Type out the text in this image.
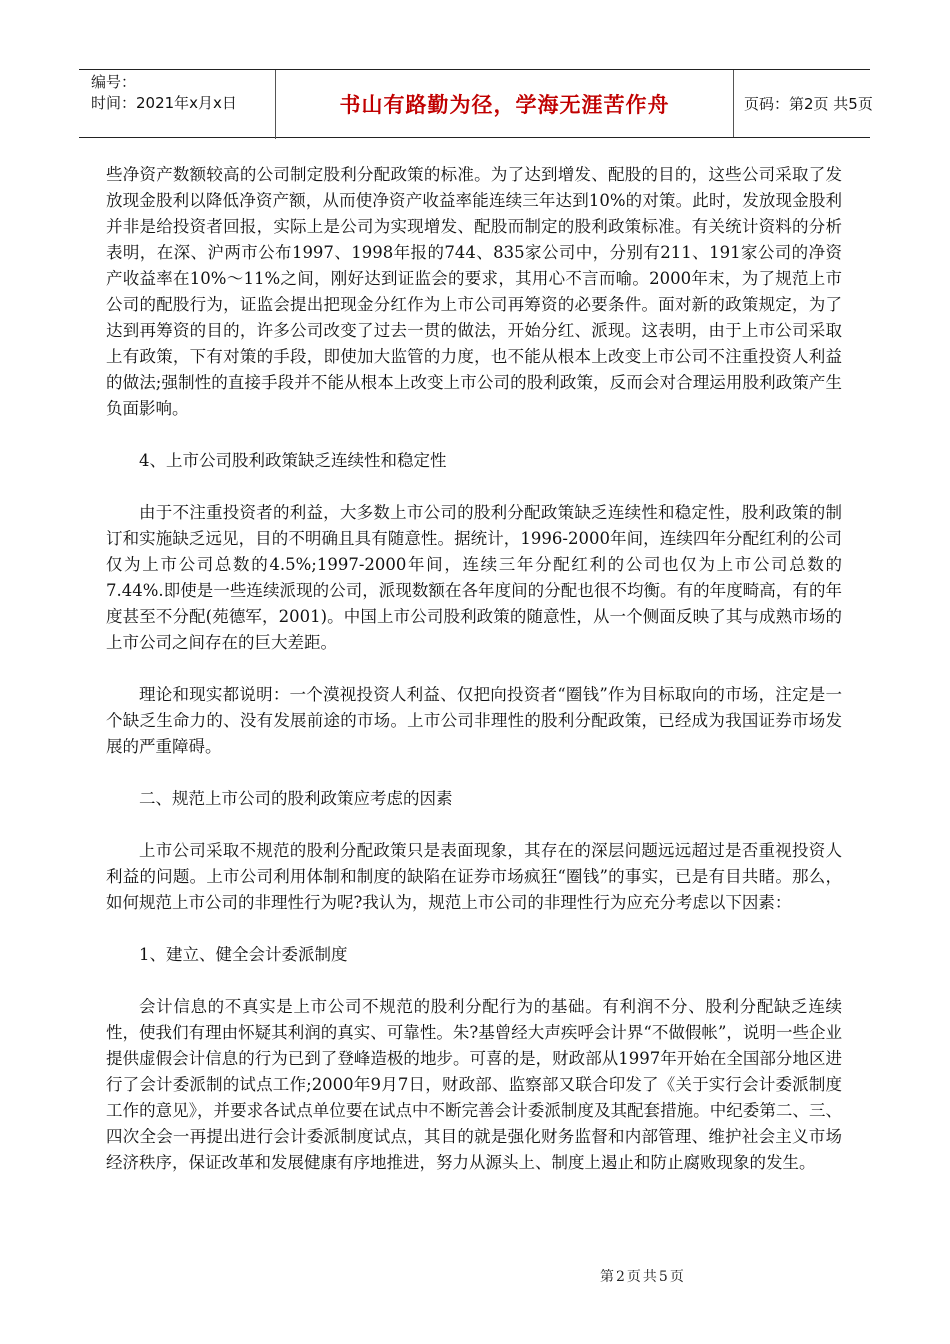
编号：
时间：2021年x月x日	书山有路勤为径，学海无涯苦作舟	页码：第2页 共5页

些净资产数额较高的公司制定股利分配政策的标准。为了达到增发、配股的目的，这些公司采取了发放现金股利以降低净资产额，从而使净资产收益率能连续三年达到10%的对策。此时，发放现金股利并非是给投资者回报，实际上是公司为实现增发、配股而制定的股利政策标准。有关统计资料的分析表明，在深、沪两市公布1997、1998年报的744、835家公司中，分别有211、191家公司的净资产收益率在10%～11%之间，刚好达到证监会的要求，其用心不言而喻。2000年末，为了规范上市公司的配股行为，证监会提出把现金分红作为上市公司再筹资的必要条件。面对新的政策规定，为了达到再筹资的目的，许多公司改变了过去一贯的做法，开始分红、派现。这表明，由于上市公司采取上有政策，下有对策的手段，即使加大监管的力度，也不能从根本上改变上市公司不注重投资人利益的做法;强制性的直接手段并不能从根本上改变上市公司的股利政策，反而会对合理运用股利政策产生负面影响。

4、上市公司股利政策缺乏连续性和稳定性

由于不注重投资者的利益，大多数上市公司的股利分配政策缺乏连续性和稳定性，股利政策的制订和实施缺乏远见，目的不明确且具有随意性。据统计，1996-2000年间，连续四年分配红利的公司仅为上市公司总数的4.5%;1997-2000年间，连续三年分配红利的公司也仅为上市公司总数的7.44%.即使是一些连续派现的公司，派现数额在各年度间的分配也很不均衡。有的年度畸高，有的年度甚至不分配(苑德军，2001)。中国上市公司股利政策的随意性，从一个侧面反映了其与成熟市场的上市公司之间存在的巨大差距。

理论和现实都说明：一个漠视投资人利益、仅把向投资者“圈钱”作为目标取向的市场，注定是一个缺乏生命力的、没有发展前途的市场。上市公司非理性的股利分配政策，已经成为我国证券市场发展的严重障碍。

二、规范上市公司的股利政策应考虑的因素

上市公司采取不规范的股利分配政策只是表面现象，其存在的深层问题远远超过是否重视投资人利益的问题。上市公司利用体制和制度的缺陷在证券市场疯狂“圈钱”的事实，已是有目共睹。那么，如何规范上市公司的非理性行为呢?我认为，规范上市公司的非理性行为应充分考虑以下因素：

1、建立、健全会计委派制度

会计信息的不真实是上市公司不规范的股利分配行为的基础。有利润不分、股利分配缺乏连续性，使我们有理由怀疑其利润的真实、可靠性。朱?基曾经大声疾呼会计界“不做假帐”，说明一些企业提供虚假会计信息的行为已到了登峰造极的地步。可喜的是，财政部从1997年开始在全国部分地区进行了会计委派制的试点工作;2000年9月7日，财政部、监察部又联合印发了《关于实行会计委派制度工作的意见》，并要求各试点单位要在试点中不断完善会计委派制度及其配套措施。中纪委第二、三、四次全会一再提出进行会计委派制度试点，其目的就是强化财务监督和内部管理、维护社会主义市场经济秩序，保证改革和发展健康有序地推进，努力从源头上、制度上遏止和防止腐败现象的发生。

第2页共5页
